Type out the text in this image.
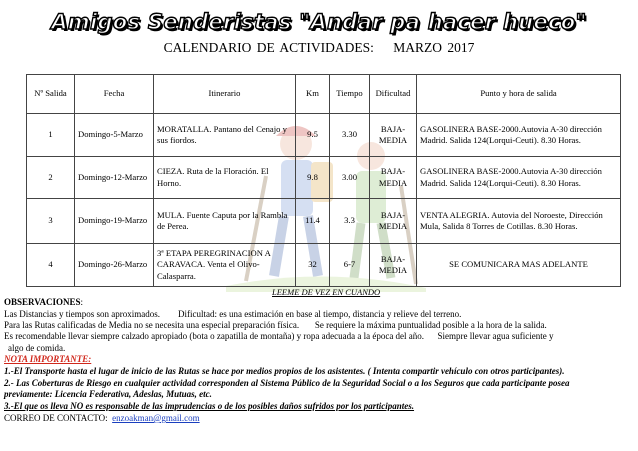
Amigos Senderistas "Andar pa hacer hueco"
CALENDARIO DE ACTIVIDADES: MARZO 2017
Nº Salida	Fecha	Itinerario	Km	Tiempo	Dificultad	Punto y hora de salida
1	Domingo-5-Marzo	MORATALLA. Pantano del Cenajo y sus fiordos.	9.5	3.30	BAJA-MEDIA	GASOLINERA BASE-2000.Autovia A-30 dirección Madrid. Salida 124(Lorqui-Ceuti). 8.30 Horas.
2	Domingo-12-Marzo	CIEZA. Ruta de la Floración. El Horno.	9.8	3.00	BAJA-MEDIA	GASOLINERA BASE-2000.Autovia A-30 dirección Madrid. Salida 124(Lorqui-Ceuti). 8.30 Horas.
3	Domingo-19-Marzo	MULA. Fuente Caputa por la Rambla de Perea.	11.4	3.3	BAJA-MEDIA	VENTA ALEGRIA. Autovia del Noroeste, Dirección Mula, Salida 8 Torres de Cotillas. 8.30 Horas.
4	Domingo-26-Marzo	3ª ETAPA PEREGRINACION A CARAVACA. Venta el Olivo-Calasparra.	32	6-7	BAJA-MEDIA	SE COMUNICARA MAS ADELANTE
LEEME DE VEZ EN CUANDO
OBSERVACIONES:
Las Distancias y tiempos son aproximados. Dificultad: es una estimación en base al tiempo, distancia y relieve del terreno.
Para las Rutas calificadas de Media no se necesita una especial preparación física. Se requiere la máxima puntualidad posible a la hora de la salida.
Es recomendable llevar siempre calzado apropiado (bota o zapatilla de montaña) y ropa adecuada a la época del año. Siempre llevar agua suficiente y
algo de comida.
NOTA IMPORTANTE:
1.-El Transporte hasta el lugar de inicio de las Rutas se hace por medios propios de los asistentes. ( Intenta compartir vehículo con otros participantes).
2.- Las Coberturas de Riesgo en cualquier actividad corresponden al Sistema Público de la Seguridad Social o a los Seguros que cada participante posea
previamente: Licencia Federativa, Adeslas, Mutuas, etc.
3.-El que os lleva NO es responsable de las imprudencias o de los posibles daños sufridos por los participantes.
CORREO DE CONTACTO: enzoakman@gmail.com
